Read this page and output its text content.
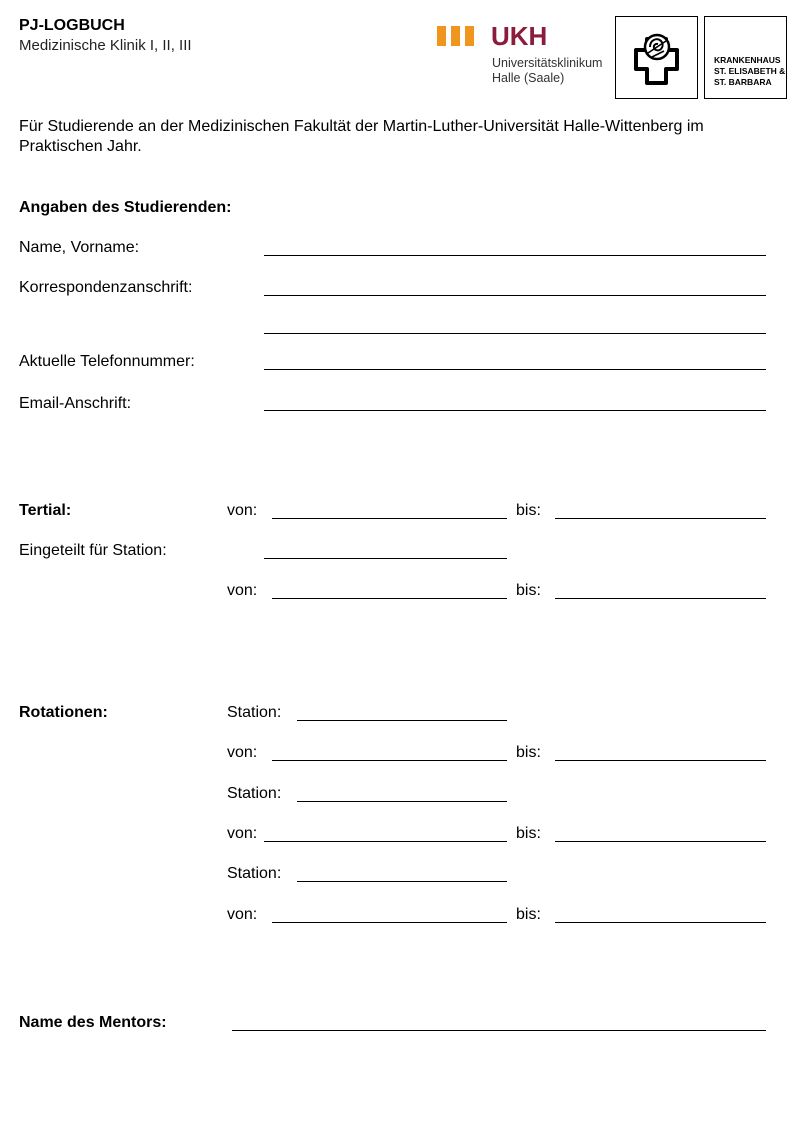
PJ-LOGBUCH
Medizinische Klinik I, II, III	UKH
Universitätsklinikum
Halle (Saale)
KRANKENHAUS
ST. ELISABETH &
ST. BARBARA
Für Studierende an der Medizinischen Fakultät der Martin-Luther-Universität Halle-Wittenberg im Praktischen Jahr.
Angaben des Studierenden:
Name, Vorname:
Korrespondenzanschrift:
Aktuelle Telefonnummer:
Email-Anschrift:
Tertial:	von:	bis:
Eingeteilt für Station:
von:	bis:
Rotationen:	Station:
von:	bis:
Station:
von:	bis:
Station:
von:	bis:
Name des Mentors:
